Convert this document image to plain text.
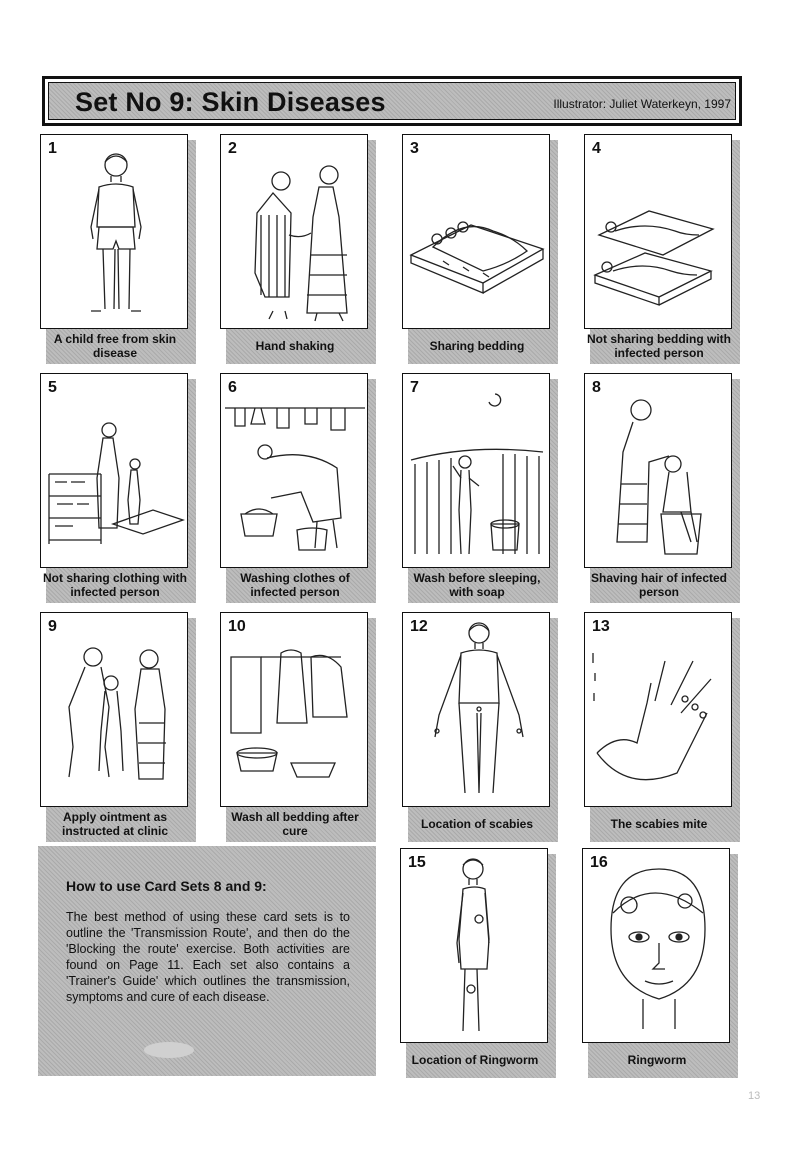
Set No 9: Skin Diseases	Illustrator: Juliet Waterkeyn, 1997
1
A child free from skin disease
2
Hand shaking
3
Sharing bedding
4
Not sharing bedding with infected person
5
Not sharing clothing with infected person
6
Washing clothes of infected person
7
Wash before sleeping, with soap
8
Shaving hair of infected person
9
Apply ointment as instructed at clinic
10
Wash all bedding after cure
12
Location of scabies
13
The scabies mite
How to use Card Sets 8 and 9:
The best method of using these card sets is to outline the 'Transmission Route', and then do the 'Blocking the route' exercise. Both activities are found on Page 11. Each set also contains a 'Trainer's Guide' which outlines the transmission, symptoms and cure of each disease.
15
Location of Ringworm
16
Ringworm
13
